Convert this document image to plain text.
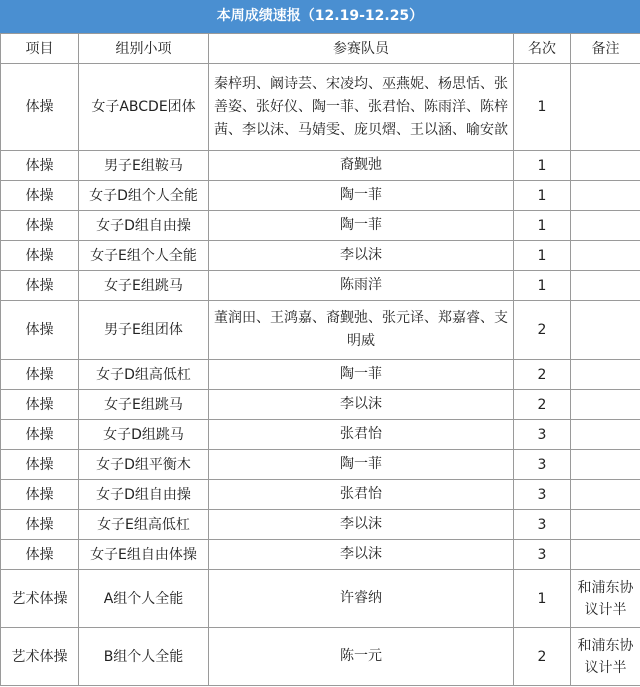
本周成绩速报（12.19-12.25）
项目	组别小项	参赛队员	名次	备注
体操	女子ABCDE团体	秦梓玥、阚诗芸、宋凌均、巫燕妮、杨思恬、张善姿、张好仪、陶一菲、张君怡、陈雨洋、陈梓茜、李以沫、马婧雯、庞贝熠、王以涵、喻安歆	1	
体操	男子E组鞍马	裔觐弛	1	
体操	女子D组个人全能	陶一菲	1	
体操	女子D组自由操	陶一菲	1	
体操	女子E组个人全能	李以沫	1	
体操	女子E组跳马	陈雨洋	1	
体操	男子E组团体	董润田、王鸿嘉、裔觐弛、张元译、郑嘉睿、支明威	2	
体操	女子D组高低杠	陶一菲	2	
体操	女子E组跳马	李以沫	2	
体操	女子D组跳马	张君怡	3	
体操	女子D组平衡木	陶一菲	3	
体操	女子D组自由操	张君怡	3	
体操	女子E组高低杠	李以沫	3	
体操	女子E组自由体操	李以沫	3	
艺术体操	A组个人全能	许睿纳	1	和浦东协议计半
艺术体操	B组个人全能	陈一元	2	和浦东协议计半
